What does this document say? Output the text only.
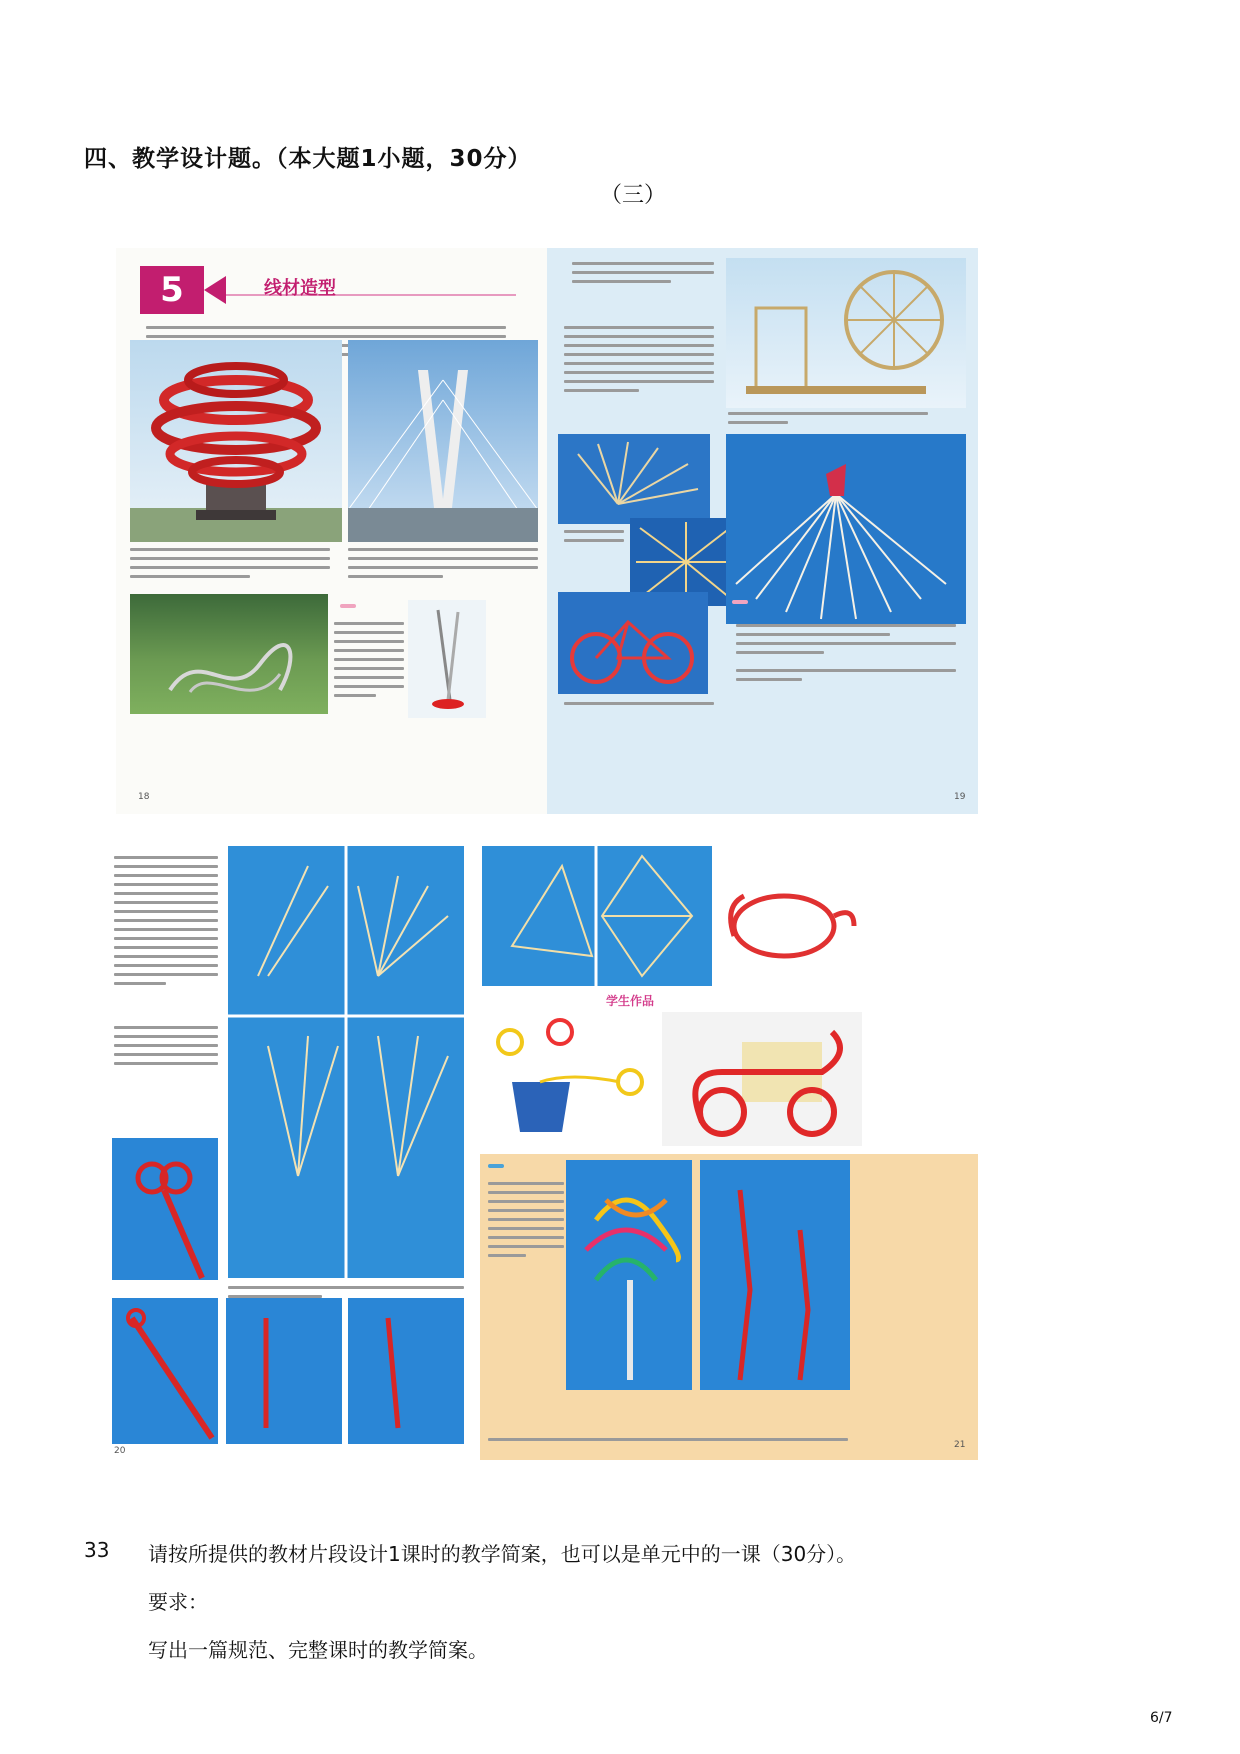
四、教学设计题。（本大题1小题，30分）
（三）
5	线材造型
18	19
学生作品
20
21
33 请按所提供的教材片段设计1课时的教学简案，也可以是单元中的一课（30分）。
要求：
写出一篇规范、完整课时的教学简案。
6/7
